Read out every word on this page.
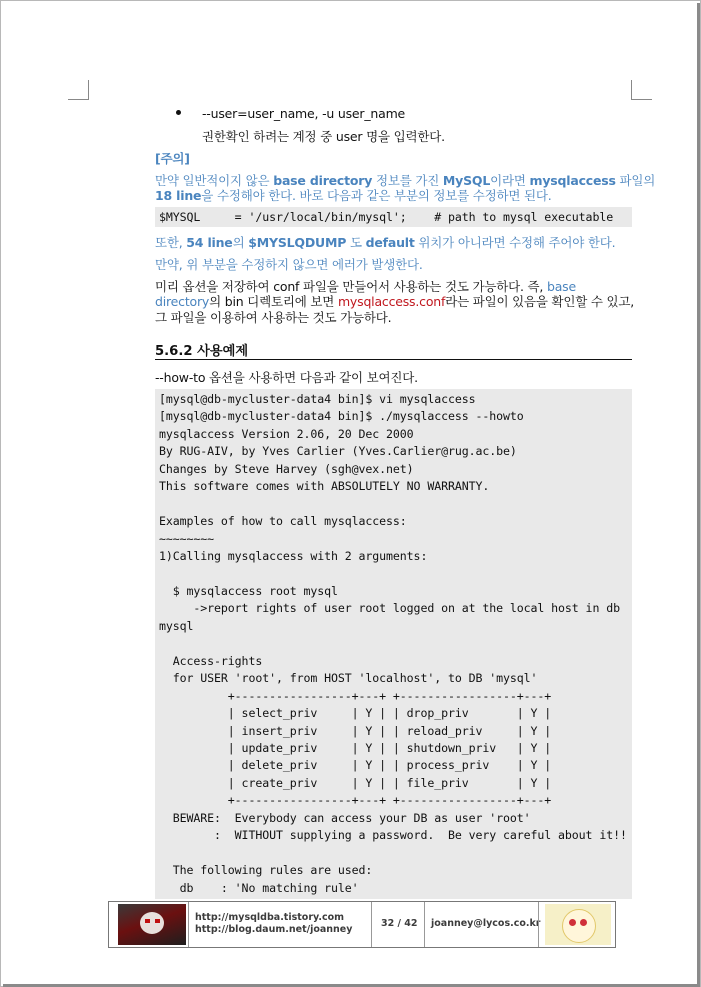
--user=user_name, -u user_name
권한확인 하려는 계정 중 user 명을 입력한다.
[주의]
만약 일반적이지 않은 base directory 정보를 가진 MySQL이라면 mysqlaccess 파일의
18 line을 수정해야 한다. 바로 다음과 같은 부분의 정보를 수정하면 된다.
$MYSQL     = '/usr/local/bin/mysql';    # path to mysql executable
또한, 54 line의 $MYSLQDUMP 도 default 위치가 아니라면 수정해 주어야 한다.
만약, 위 부분을 수정하지 않으면 에러가 발생한다.
미리 옵션을 저장하여 conf 파일을 만들어서 사용하는 것도 가능하다. 즉, base
directory의 bin 디렉토리에 보면 mysqlaccess.conf라는 파일이 있음을 확인할 수 있고,
그 파일을 이용하여 사용하는 것도 가능하다.
5.6.2 사용예제
--how-to 옵션을 사용하면 다음과 같이 보여진다.
[mysql@db-mycluster-data4 bin]$ vi mysqlaccess
[mysql@db-mycluster-data4 bin]$ ./mysqlaccess --howto
mysqlaccess Version 2.06, 20 Dec 2000
By RUG-AIV, by Yves Carlier (Yves.Carlier@rug.ac.be)
Changes by Steve Harvey (sgh@vex.net)
This software comes with ABSOLUTELY NO WARRANTY.
Examples of how to call mysqlaccess:
~~~~~~~~
1)Calling mysqlaccess with 2 arguments:
$ mysqlaccess root mysql
->report rights of user root logged on at the local host in db
mysql
Access-rights
for USER 'root', from HOST 'localhost', to DB 'mysql'
+-----------------+---+ +-----------------+---+
| select_priv     | Y | | drop_priv       | Y |
| insert_priv     | Y | | reload_priv     | Y |
| update_priv     | Y | | shutdown_priv   | Y |
| delete_priv     | Y | | process_priv    | Y |
| create_priv     | Y | | file_priv       | Y |
+-----------------+---+ +-----------------+---+
BEWARE:  Everybody can access your DB as user 'root'
:  WITHOUT supplying a password.  Be very careful about it!!
The following rules are used:
db    : 'No matching rule'
http://mysqldba.tistory.com
http://blog.daum.net/joanney
32 / 42 joanney@lycos.co.kr
